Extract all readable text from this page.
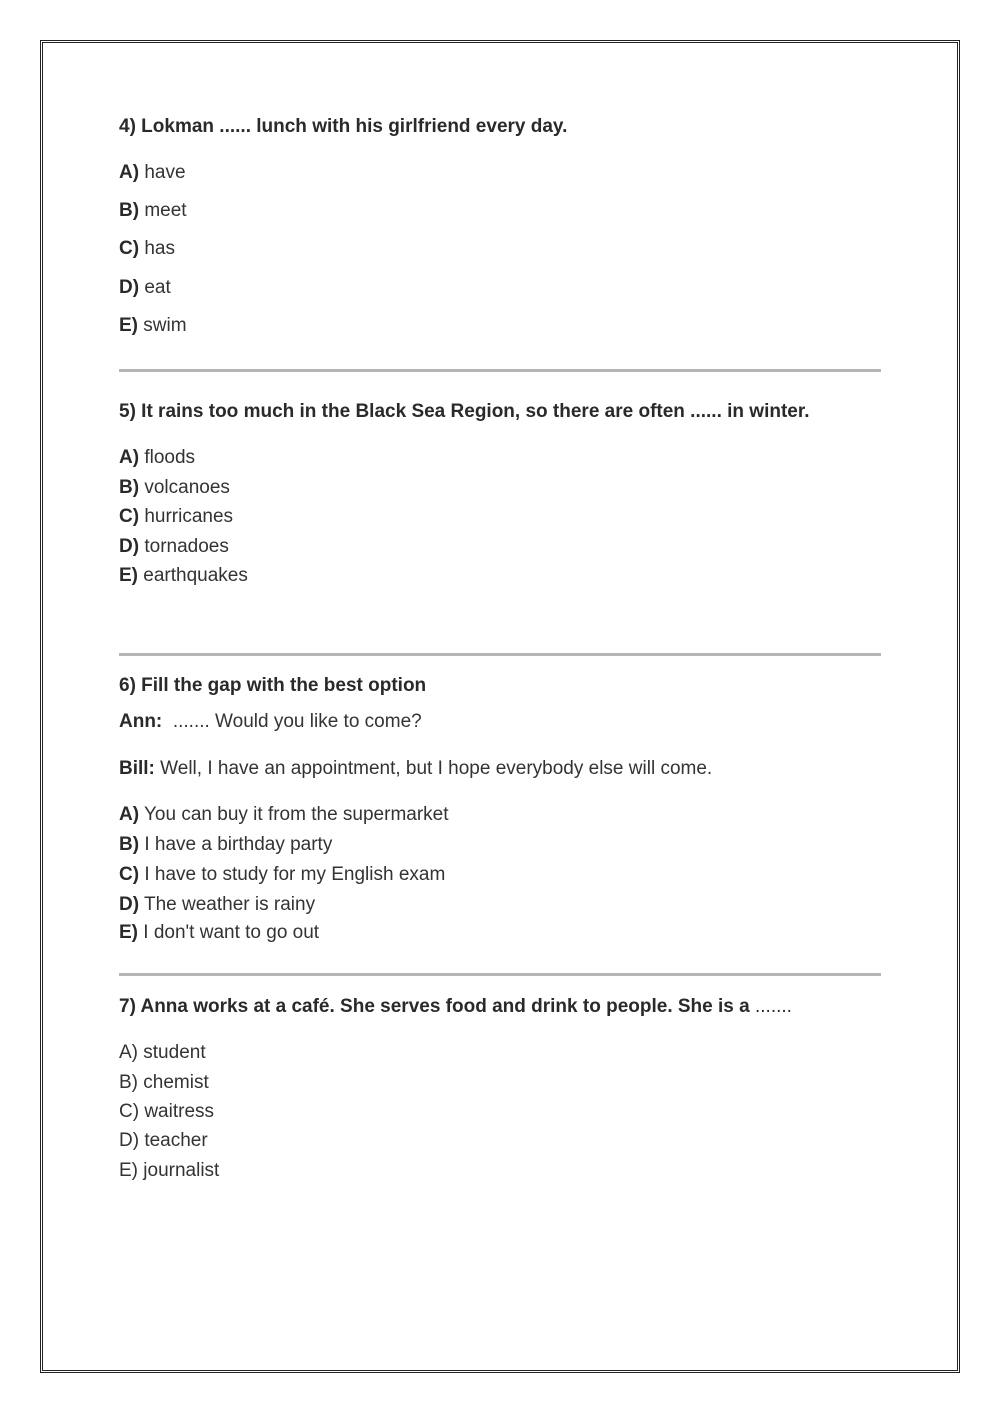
4) Lokman ...... lunch with his girlfriend every day.
A) have
B) meet
C) has
D) eat
E) swim
5) It rains too much in the Black Sea Region, so there are often ...... in winter.
A) floods
B) volcanoes
C) hurricanes
D) tornadoes
E) earthquakes
6) Fill the gap with the best option
Ann: ....... Would you like to come?
Bill: Well, I have an appointment, but I hope everybody else will come.
A) You can buy it from the supermarket
B) I have a birthday party
C) I have to study for my English exam
D) The weather is rainy
E) I don't want to go out
7) Anna works at a café. She serves food and drink to people. She is a .......
A) student
B) chemist
C) waitress
D) teacher
E) journalist
